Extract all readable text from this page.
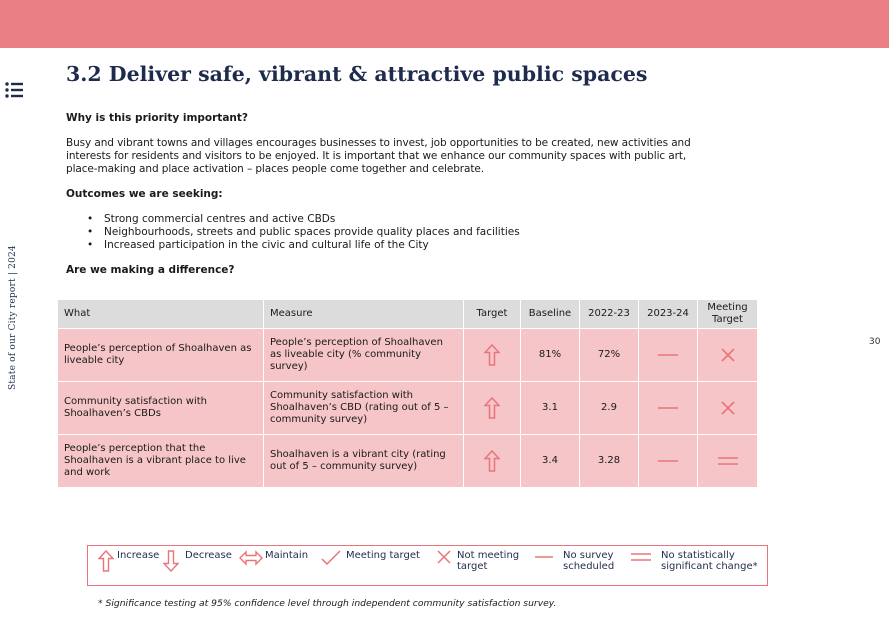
State of our City report | 2024	30
3.2 Deliver safe, vibrant & attractive public spaces
Why is this priority important?

Busy and vibrant towns and villages encourages businesses to invest, job opportunities to be created, new activities and interests for residents and visitors to be enjoyed. It is important that we enhance our community spaces with public art, place-making and place activation – places people come together and celebrate.

Outcomes we are seeking:
• Strong commercial centres and active CBDs
• Neighbourhoods, streets and public spaces provide quality places and facilities
• Increased participation in the civic and cultural life of the City
Are we making a difference?
What	Measure	Target	Baseline	2022-23	2023-24	Meeting Target
People’s perception of Shoalhaven as liveable city	People’s perception of Shoalhaven as liveable city (% community survey)		81%	72%	

Community satisfaction with Shoalhaven’s CBDs	Community satisfaction with Shoalhaven’s CBD (rating out of 5 – community survey)		3.1	2.9	

People’s perception that the Shoalhaven is a vibrant place to live and work	Shoalhaven is a vibrant city (rating out of 5 – community survey)		3.4	3.28	

Increase	Decrease	Maintain	Meeting target	Not meeting
target
No survey
scheduled
No statistically
significant change*
* Significance testing at 95% confidence level through independent community satisfaction survey.
